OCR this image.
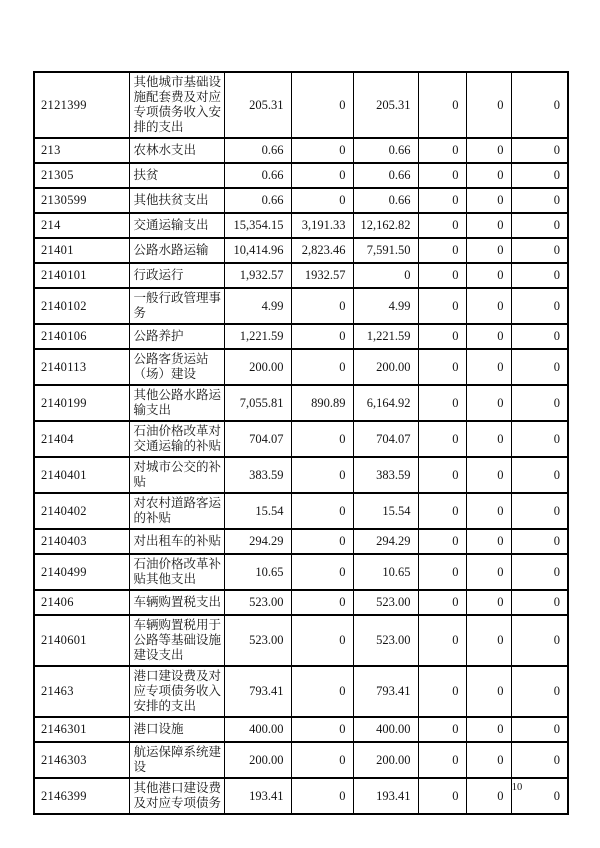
2121399	其他城市基础设施配套费及对应专项债务收入安排的支出	205.31	0	205.31	0	0	0
213	农林水支出	0.66	0	0.66	0	0	0
21305	扶贫	0.66	0	0.66	0	0	0
2130599	其他扶贫支出	0.66	0	0.66	0	0	0
214	交通运输支出	15,354.15	3,191.33	12,162.82	0	0	0
21401	公路水路运输	10,414.96	2,823.46	7,591.50	0	0	0
2140101	行政运行	1,932.57	1932.57	0	0	0	0
2140102	一般行政管理事务	4.99	0	4.99	0	0	0
2140106	公路养护	1,221.59	0	1,221.59	0	0	0
2140113	公路客货运站（场）建设	200.00	0	200.00	0	0	0
2140199	其他公路水路运输支出	7,055.81	890.89	6,164.92	0	0	0
21404	石油价格改革对交通运输的补贴	704.07	0	704.07	0	0	0
2140401	对城市公交的补贴	383.59	0	383.59	0	0	0
2140402	对农村道路客运的补贴	15.54	0	15.54	0	0	0
2140403	对出租车的补贴	294.29	0	294.29	0	0	0
2140499	石油价格改革补贴其他支出	10.65	0	10.65	0	0	0
21406	车辆购置税支出	523.00	0	523.00	0	0	0
2140601	车辆购置税用于公路等基础设施建设支出	523.00	0	523.00	0	0	0
21463	港口建设费及对应专项债务收入安排的支出	793.41	0	793.41	0	0	0
2146301	港口设施	400.00	0	400.00	0	0	0
2146303	航运保障系统建设	200.00	0	200.00	0	0	0
2146399	其他港口建设费及对应专项债务	193.41	0	193.41	0	0	0
10
